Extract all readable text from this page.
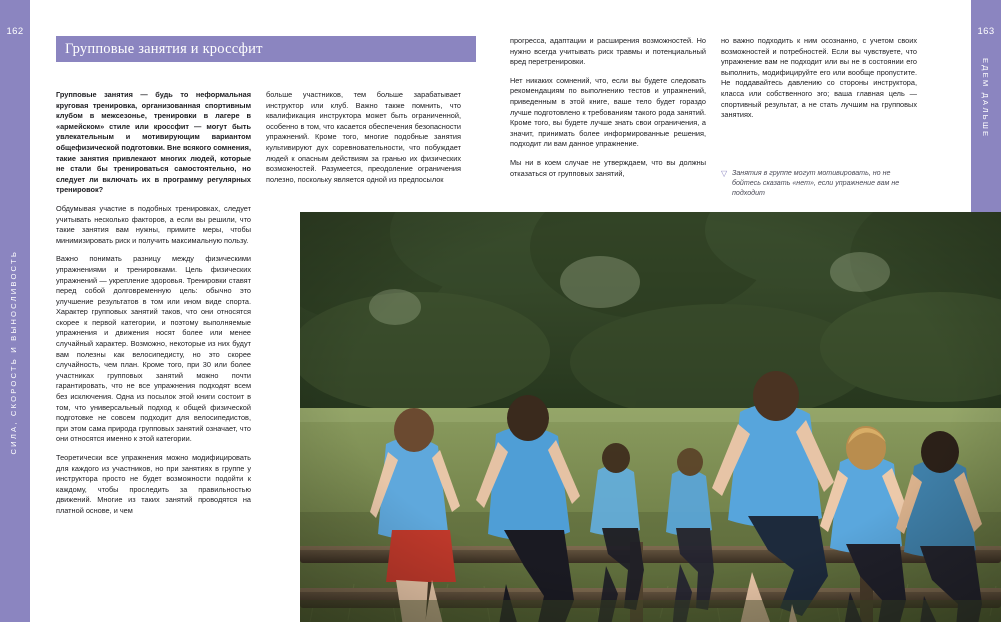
162
СИЛА, СКОРОСТЬ И ВЫНОСЛИВОСТЬ
163
ЕДЕМ ДАЛЬШЕ
Групповые занятия и кроссфит

Групповые занятия — будь то неформальная круговая тренировка, организованная спортивным клубом в межсезонье, тренировки в лагере в «армейском» стиле или кроссфит — могут быть увлекательным и мотивирующим вариантом общефизической подготовки. Вне всякого сомнения, такие занятия привлекают многих людей, которые не стали бы тренироваться самостоятельно, но следует ли включать их в программу регулярных тренировок?

Обдумывая участие в подобных тренировках, следует учитывать несколько факторов, а если вы решили, что такие занятия вам нужны, примите меры, чтобы минимизировать риск и получить максимальную пользу.

Важно понимать разницу между физическими упражнениями и тренировками. Цель физических упражнений — укрепление здоровья. Тренировки ставят перед собой долговременную цель: обычно это улучшение результатов в том или ином виде спорта. Характер групповых занятий таков, что они относятся скорее к первой категории, и поэтому выполняемые упражнения и движения носят более или менее случайный характер. Возможно, некоторые из них будут вам полезны как велосипедисту, но это скорее случайность, чем план. Кроме того, при 30 или более участниках групповых занятий можно почти гарантировать, что не все упражнения подходят всем без исключения. Одна из посылок этой книги состоит в том, что универсальный подход к общей физической подготовке не совсем подходит для велосипедистов, при этом сама природа групповых занятий означает, что они относятся именно к этой категории.

Теоретически все упражнения можно модифицировать для каждого из участников, но при занятиях в группе у инструктора просто не будет возможности подойти к каждому, чтобы проследить за правильностью движений. Многие из таких занятий проводятся на платной основе, и чем

больше участников, тем больше зарабатывает инструктор или клуб. Важно также помнить, что квалификация инструктора может быть ограниченной, особенно в том, что касается обеспечения безопасности упражнений. Кроме того, многие подобные занятия культивируют дух соревновательности, что побуждает людей к опасным действиям за гранью их физических возможностей. Разумеется, преодоление ограничения полезно, поскольку является одной из предпосылок

прогресса, адаптации и расширения возможностей. Но нужно всегда учитывать риск травмы и потенциальный вред перетренировки.

Нет никаких сомнений, что, если вы будете следовать рекомендациям по выполнению тестов и упражнений, приведенным в этой книге, ваше тело будет гораздо лучше подготовлено к требованиям такого рода занятий. Кроме того, вы будете лучше знать свои ограничения, а значит, принимать более информированные решения, подходит ли вам данное упражнение.

Мы ни в коем случае не утверждаем, что вы должны отказаться от групповых занятий,

но важно подходить к ним осознанно, с учетом своих возможностей и потребностей. Если вы чувствуете, что упражнение вам не подходит или вы не в состоянии его выполнить, модифицируйте его или вообще пропустите. Не поддавайтесь давлению со стороны инструктора, класса или собственного эго; ваша главная цель — спортивный результат, а не стать лучшим на групповых занятиях.

▽ Занятия в группе могут мотивировать, но не бойтесь сказать «нет», если упражнение вам не подходит
